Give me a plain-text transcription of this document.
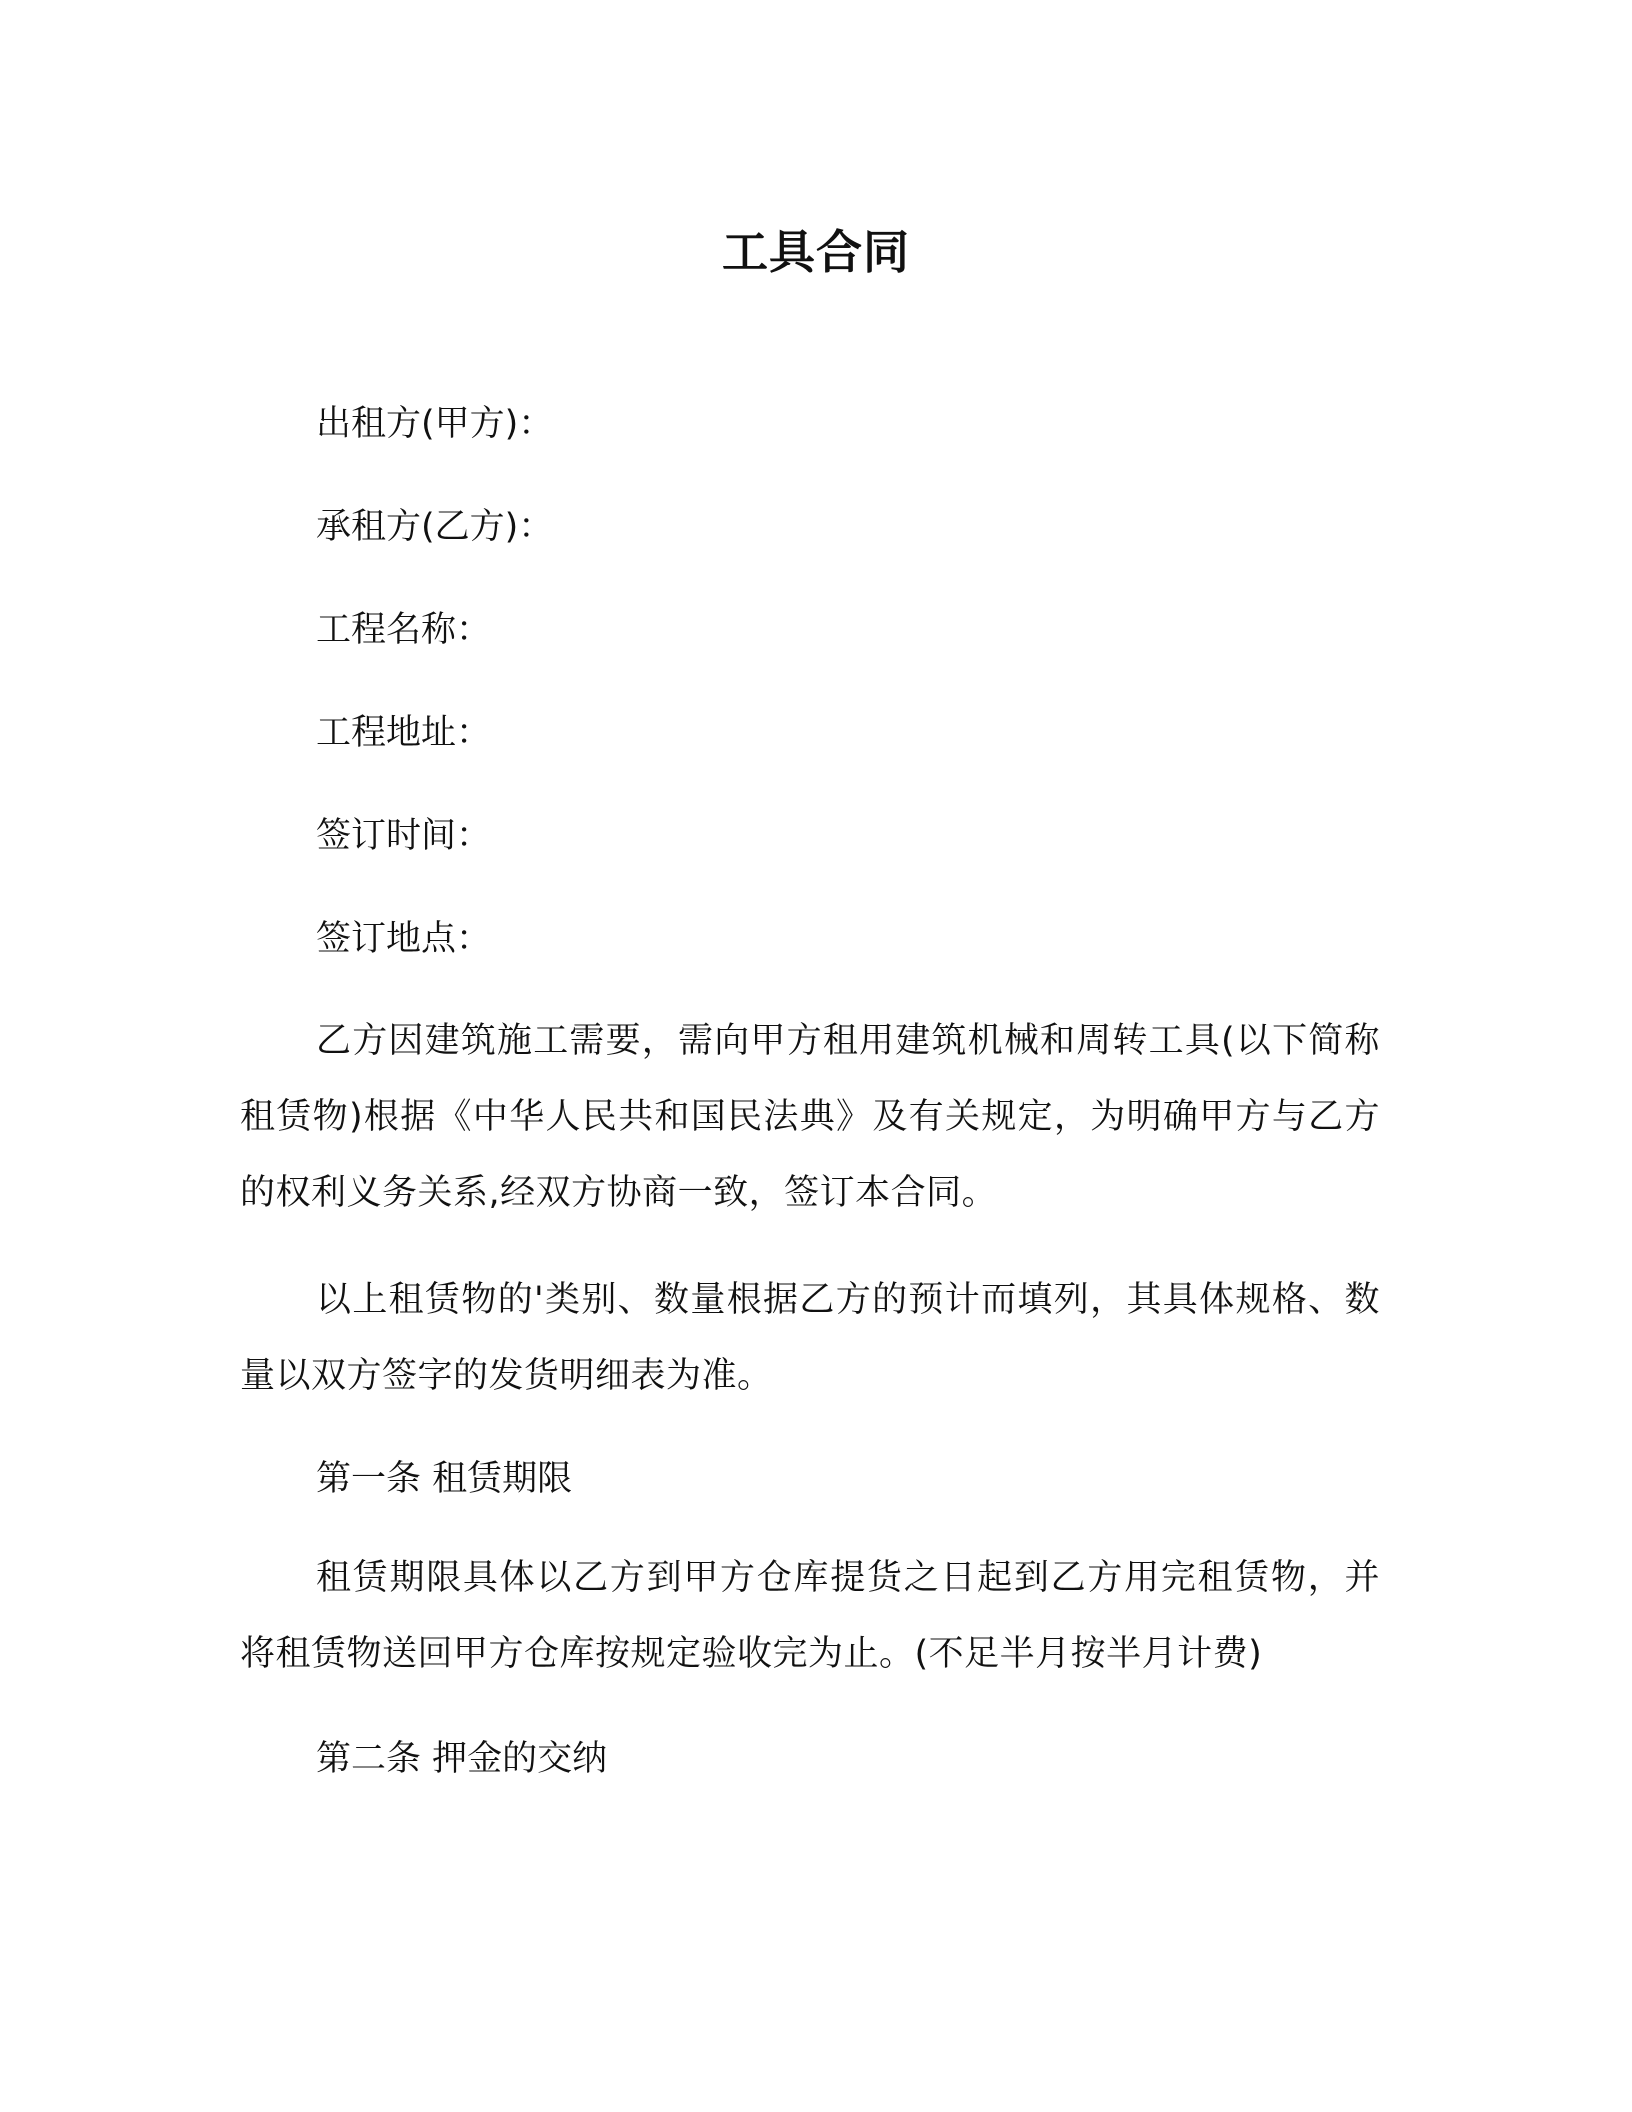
工具合同
出租方(甲方)：
承租方(乙方)：
工程名称：
工程地址：
签订时间：
签订地点：
乙方因建筑施工需要，需向甲方租用建筑机械和周转工具(以下简称租赁物)根据《中华人民共和国民法典》及有关规定，为明确甲方与乙方的权利义务关系,经双方协商一致，签订本合同。
以上租赁物的'类别、数量根据乙方的预计而填列，其具体规格、数量以双方签字的发货明细表为准。
第一条 租赁期限
租赁期限具体以乙方到甲方仓库提货之日起到乙方用完租赁物，并将租赁物送回甲方仓库按规定验收完为止。(不足半月按半月计费)
第二条 押金的交纳
